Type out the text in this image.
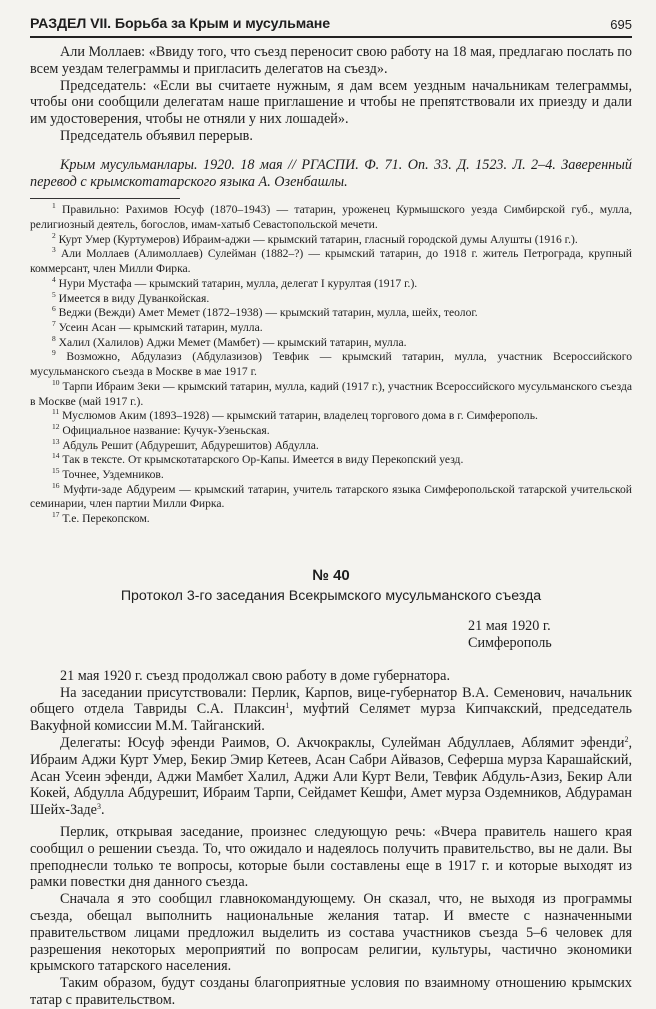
РАЗДЕЛ VII. Борьба за Крым и мусульмане	695

Али Моллаев: «Ввиду того, что съезд переносит свою работу на 18 мая, предлагаю послать по всем уездам телеграммы и пригласить делегатов на съезд».

Председатель: «Если вы считаете нужным, я дам всем уездным начальникам телеграммы, чтобы они сообщили делегатам наше приглашение и чтобы не препятствовали их приезду и дали им удостоверения, чтобы не отняли у них лошадей».

Председатель объявил перерыв.

Крым мусульманлары. 1920. 18 мая // РГАСПИ. Ф. 71. Оп. 33. Д. 1523. Л. 2–4. Заверенный перевод с крымскотатарского языка А. Озенбашлы.

$^1$ Правильно: Рахимов Юсуф (1870–1943) — татарин, уроженец Курмышского уезда Симбирской губ., мулла, религиозный деятель, богослов, имам-хатыб Севастопольской мечети.

$^2$ Курт Умер (Куртумеров) Ибраим-аджи — крымский татарин, гласный городской думы Алушты (1916 г.).

$^3$ Али Моллаев (Алимоллаев) Сулейман (1882–?) — крымский татарин, до 1918 г. житель Петрограда, крупный коммерсант, член Милли Фирка.

$^4$ Нури Мустафа — крымский татарин, мулла, делегат I курултая (1917 г.).

$^5$ Имеется в виду Дуванкойская.

$^6$ Веджи (Вежди) Амет Мемет (1872–1938) — крымский татарин, мулла, шейх, теолог.

$^7$ Усеин Асан — крымский татарин, мулла.

$^8$ Халил (Халилов) Аджи Мемет (Мамбет) — крымский татарин, мулла.

$^9$ Возможно, Абдулазиз (Абдулазизов) Тевфик — крымский татарин, мулла, участник Всероссийского мусульманского съезда в Москве в мае 1917 г.

$^{10}$ Тарпи Ибраим Зеки — крымский татарин, мулла, кадий (1917 г.), участник Всероссийского мусульманского съезда в Москве (май 1917 г.).

$^{11}$ Муслюмов Аким (1893–1928) — крымский татарин, владелец торгового дома в г. Симферополь.

$^{12}$ Официальное название: Кучук-Узеньская.

$^{13}$ Абдуль Решит (Абдурешит, Абдурешитов) Абдулла.

$^{14}$ Так в тексте. От крымскотатарского Ор-Капы. Имеется в виду Перекопский уезд.

$^{15}$ Точнее, Уздемников.

$^{16}$ Муфти-заде Абдуреим — крымский татарин, учитель татарского языка Симферопольской татарской учительской семинарии, член партии Милли Фирка.

$^{17}$ Т.е. Перекопском.

№ 40
Протокол 3-го заседания Всекрымского мусульманского съезда
21 мая 1920 г.
Симферополь

21 мая 1920 г. съезд продолжал свою работу в доме губернатора.

На заседании присутствовали: Перлик, Карпов, вице-губернатор В.А. Семенович, начальник общего отдела Тавриды С.А. Плаксин$^1$, муфтий Селямет мурза Кипчакский, председатель Вакуфной комиссии М.М. Тайганский.

Делегаты: Юсуф эфенди Раимов, О. Акчокраклы, Сулейман Абдуллаев, Аблямит эфенди$^2$, Ибраим Аджи Курт Умер, Бекир Эмир Кетеев, Асан Сабри Айвазов, Сеферша мурза Карашайский, Асан Усеин эфенди, Аджи Мамбет Халил, Аджи Али Курт Вели, Тевфик Абдуль-Азиз, Бекир Али Кокей, Абдулла Абдурешит, Ибраим Тарпи, Сейдамет Кешфи, Амет мурза Оздемников, Абдураман Шейх-Заде$^3$.

Перлик, открывая заседание, произнес следующую речь: «Вчера правитель нашего края сообщил о решении съезда. То, что ожидало и надеялось получить правительство, вы не дали. Вы преподнесли только те вопросы, которые были составлены еще в 1917 г. и которые выходят из рамки повестки дня данного съезда.

Сначала я это сообщил главнокомандующему. Он сказал, что, не выходя из программы съезда, обещал выполнить национальные желания татар. И вместе с назначенными правительством лицами предложил выделить из состава участников съезда 5–6 человек для разрешения некоторых мероприятий по вопросам религии, культуры, частично экономики крымского татарского населения.

Таким образом, будут созданы благоприятные условия по взаимному отношению крымских татар с правительством.
